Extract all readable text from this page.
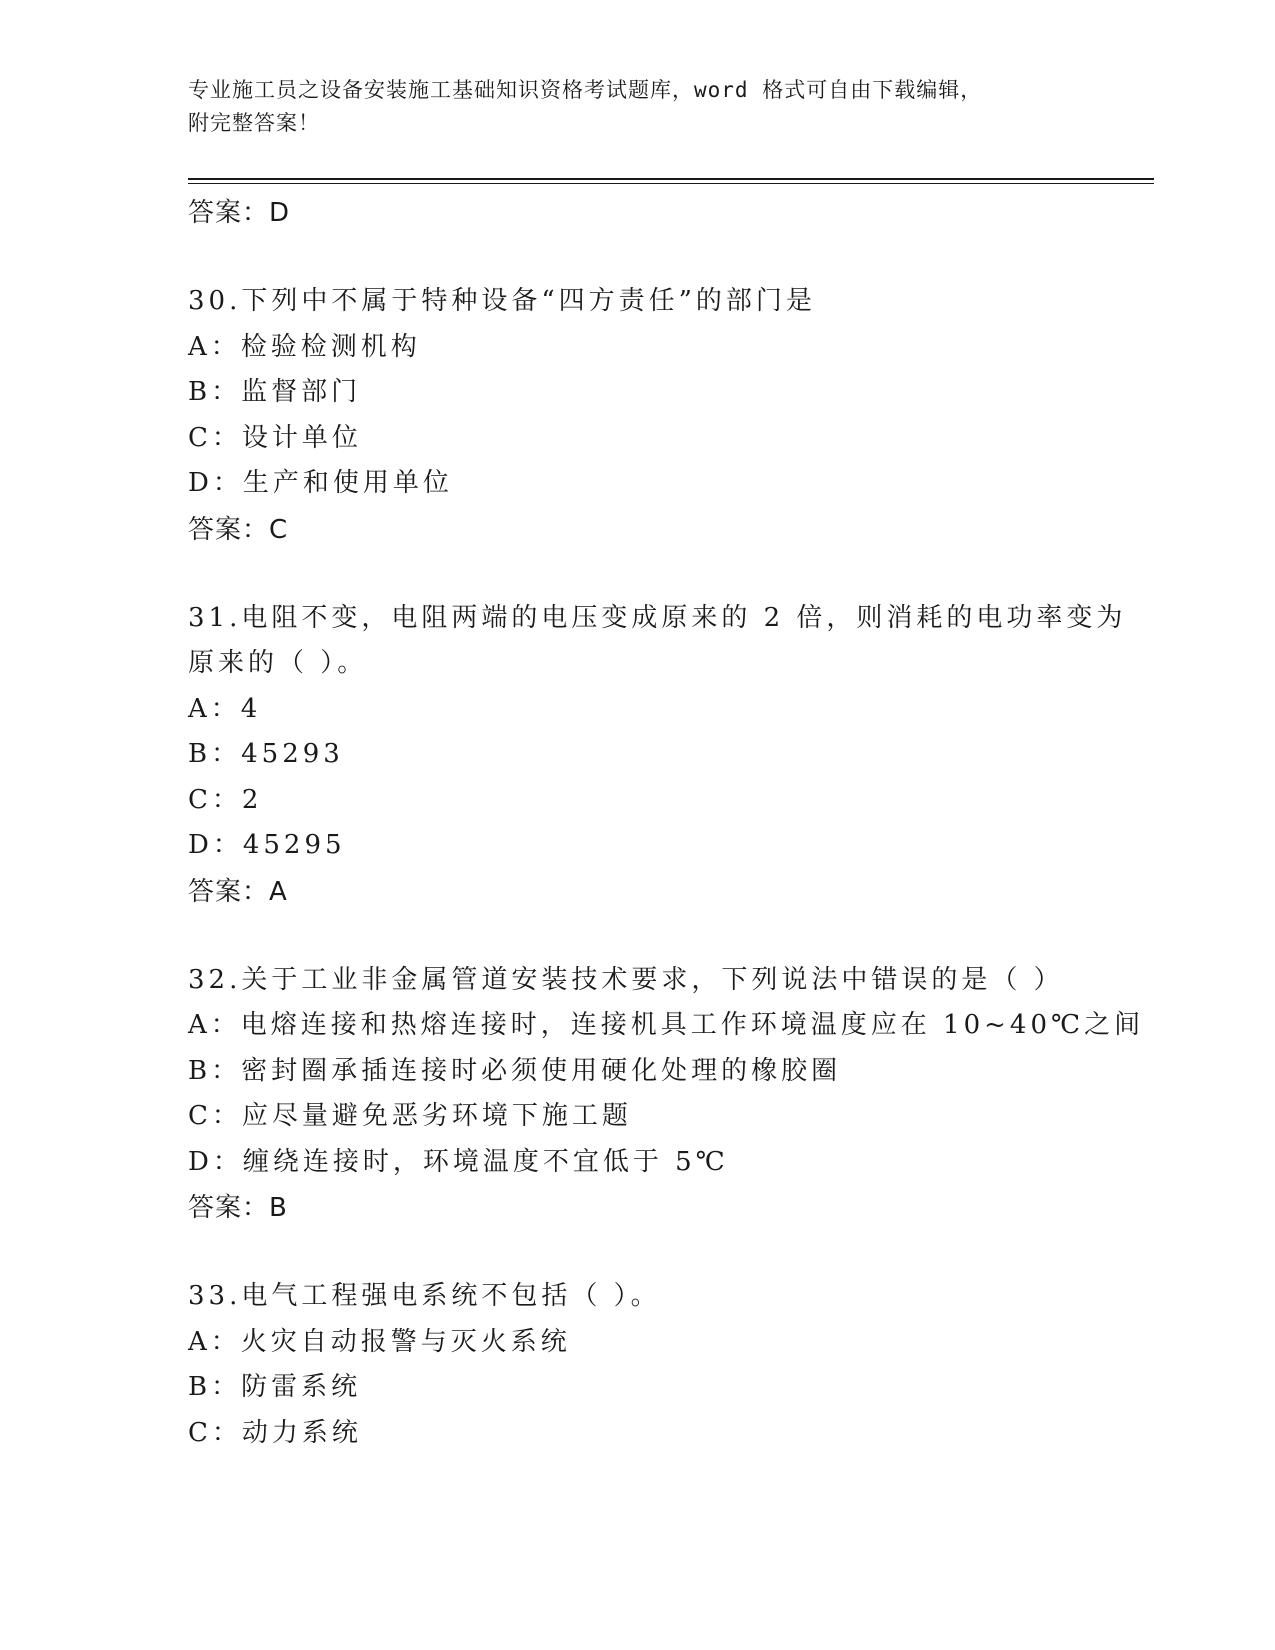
专业施工员之设备安装施工基础知识资格考试题库，word 格式可自由下载编辑，
附完整答案！
答案：D
30.下列中不属于特种设备“四方责任”的部门是
A：检验检测机构
B：监督部门
C：设计单位
D：生产和使用单位
答案：C
31.电阻不变，电阻两端的电压变成原来的 2 倍，则消耗的电功率变为
原来的（ ）。
A：4
B：45293
C：2
D：45295
答案：A
32.关于工业非金属管道安装技术要求，下列说法中错误的是（ ）
A：电熔连接和热熔连接时，连接机具工作环境温度应在 10~40℃之间
B：密封圈承插连接时必须使用硬化处理的橡胶圈
C：应尽量避免恶劣环境下施工题
D：缠绕连接时，环境温度不宜低于 5℃
答案：B
33.电气工程强电系统不包括（ ）。
A：火灾自动报警与灭火系统
B：防雷系统
C：动力系统
